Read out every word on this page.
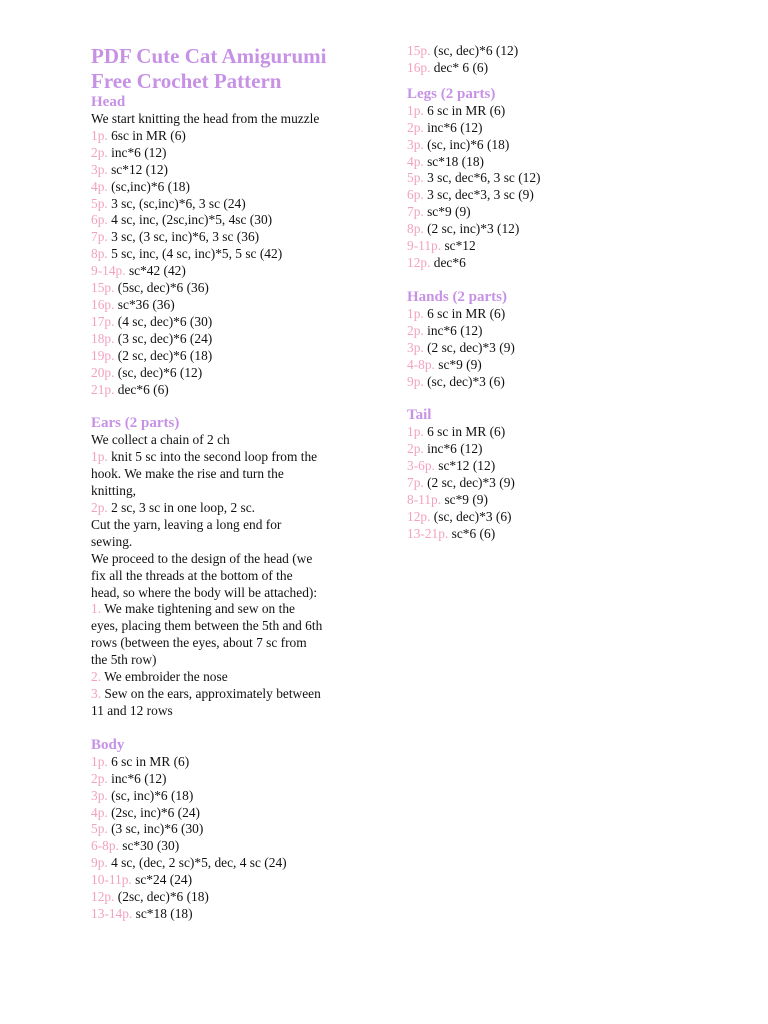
PDF Cute Cat Amigurumi
Free Crochet Pattern
Head

We start knitting the head from the muzzle

1p. 6sc in MR (6)

2p. inc*6 (12)

3p. sc*12 (12)

4p. (sc,inc)*6 (18)

5p. 3 sc, (sc,inc)*6, 3 sc (24)

6p. 4 sc, inc, (2sc,inc)*5, 4sc (30)

7p. 3 sc, (3 sc, inc)*6, 3 sc (36)

8p. 5 sc, inc, (4 sc, inc)*5, 5 sc (42)

9-14p. sc*42 (42)

15p. (5sc, dec)*6 (36)

16p. sc*36 (36)

17p. (4 sc, dec)*6 (30)

18p. (3 sc, dec)*6 (24)

19p. (2 sc, dec)*6 (18)

20p. (sc, dec)*6 (12)

21p. dec*6 (6)

Ears (2 parts)

We collect a chain of 2 ch

1p. knit 5 sc into the second loop from the

hook. We make the rise and turn the

knitting,

2p. 2 sc, 3 sc in one loop, 2 sc.

Cut the yarn, leaving a long end for

sewing.

We proceed to the design of the head (we

fix all the threads at the bottom of the

head, so where the body will be attached):

1. We make tightening and sew on the

eyes, placing them between the 5th and 6th

rows (between the eyes, about 7 sc from

the 5th row)

2. We embroider the nose

3. Sew on the ears, approximately between

11 and 12 rows

Body

1p. 6 sc in MR (6)

2p. inc*6 (12)

3p. (sc, inc)*6 (18)

4p. (2sc, inc)*6 (24)

5p. (3 sc, inc)*6 (30)

6-8p. sc*30 (30)

9p. 4 sc, (dec, 2 sc)*5, dec, 4 sc (24)

10-11p. sc*24 (24)

12p. (2sc, dec)*6 (18)

13-14p. sc*18 (18)

15p. (sc, dec)*6 (12)

16p. dec* 6 (6)

Legs (2 parts)

1p. 6 sc in MR (6)

2p. inc*6 (12)

3p. (sc, inc)*6 (18)

4p. sc*18 (18)

5p. 3 sc, dec*6, 3 sc (12)

6p. 3 sc, dec*3, 3 sc (9)

7p. sc*9 (9)

8p. (2 sc, inc)*3 (12)

9-11p. sc*12

12p. dec*6

Hands (2 parts)

1p. 6 sc in MR (6)

2p. inc*6 (12)

3p. (2 sc, dec)*3 (9)

4-8p. sc*9 (9)

9p. (sc, dec)*3 (6)

Tail

1p. 6 sc in MR (6)

2p. inc*6 (12)

3-6p. sc*12 (12)

7p. (2 sc, dec)*3 (9)

8-11p. sc*9 (9)

12p. (sc, dec)*3 (6)

13-21p. sc*6 (6)
